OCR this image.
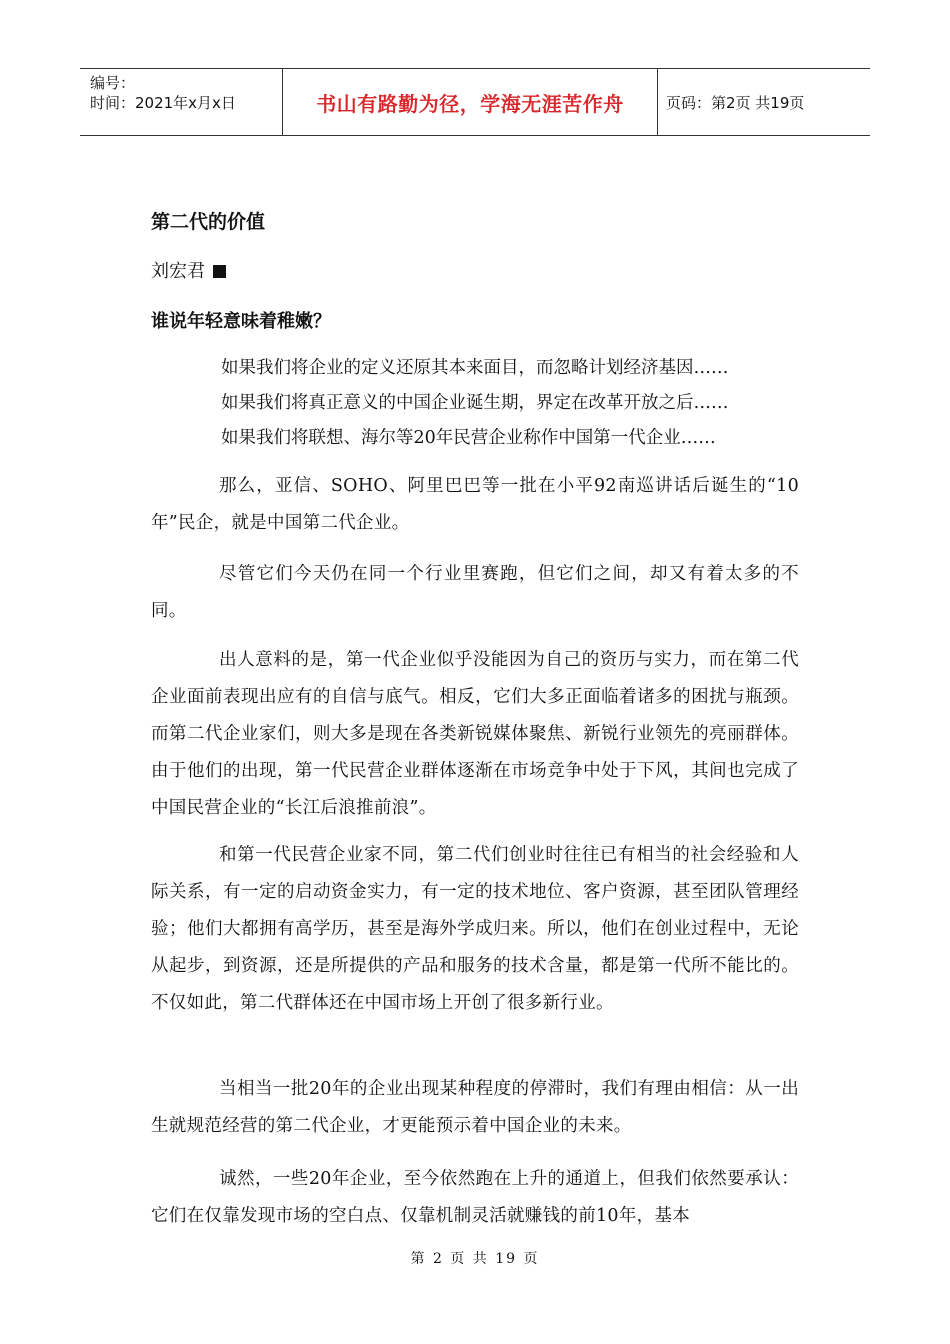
编号：
时间：2021年x月x日	书山有路勤为径，学海无涯苦作舟	页码：第2页 共19页
第二代的价值
刘宏君
谁说年轻意味着稚嫩？
如果我们将企业的定义还原其本来面目，而忽略计划经济基因……
如果我们将真正意义的中国企业诞生期，界定在改革开放之后……
如果我们将联想、海尔等20年民营企业称作中国第一代企业……
那么，亚信、SOHO、阿里巴巴等一批在小平92南巡讲话后诞生的“10年”民企，就是中国第二代企业。
尽管它们今天仍在同一个行业里赛跑，但它们之间，却又有着太多的不同。
出人意料的是，第一代企业似乎没能因为自己的资历与实力，而在第二代企业面前表现出应有的自信与底气。相反，它们大多正面临着诸多的困扰与瓶颈。而第二代企业家们，则大多是现在各类新锐媒体聚焦、新锐行业领先的亮丽群体。由于他们的出现，第一代民营企业群体逐渐在市场竞争中处于下风，其间也完成了中国民营企业的“长江后浪推前浪”。
和第一代民营企业家不同，第二代们创业时往往已有相当的社会经验和人际关系，有一定的启动资金实力，有一定的技术地位、客户资源，甚至团队管理经验；他们大都拥有高学历，甚至是海外学成归来。所以，他们在创业过程中，无论从起步，到资源，还是所提供的产品和服务的技术含量，都是第一代所不能比的。不仅如此，第二代群体还在中国市场上开创了很多新行业。
当相当一批20年的企业出现某种程度的停滞时，我们有理由相信：从一出生就规范经营的第二代企业，才更能预示着中国企业的未来。
诚然，一些20年企业，至今依然跑在上升的通道上，但我们依然要承认：它们在仅靠发现市场的空白点、仅靠机制灵活就赚钱的前10年，基本
第 2 页 共 19 页
